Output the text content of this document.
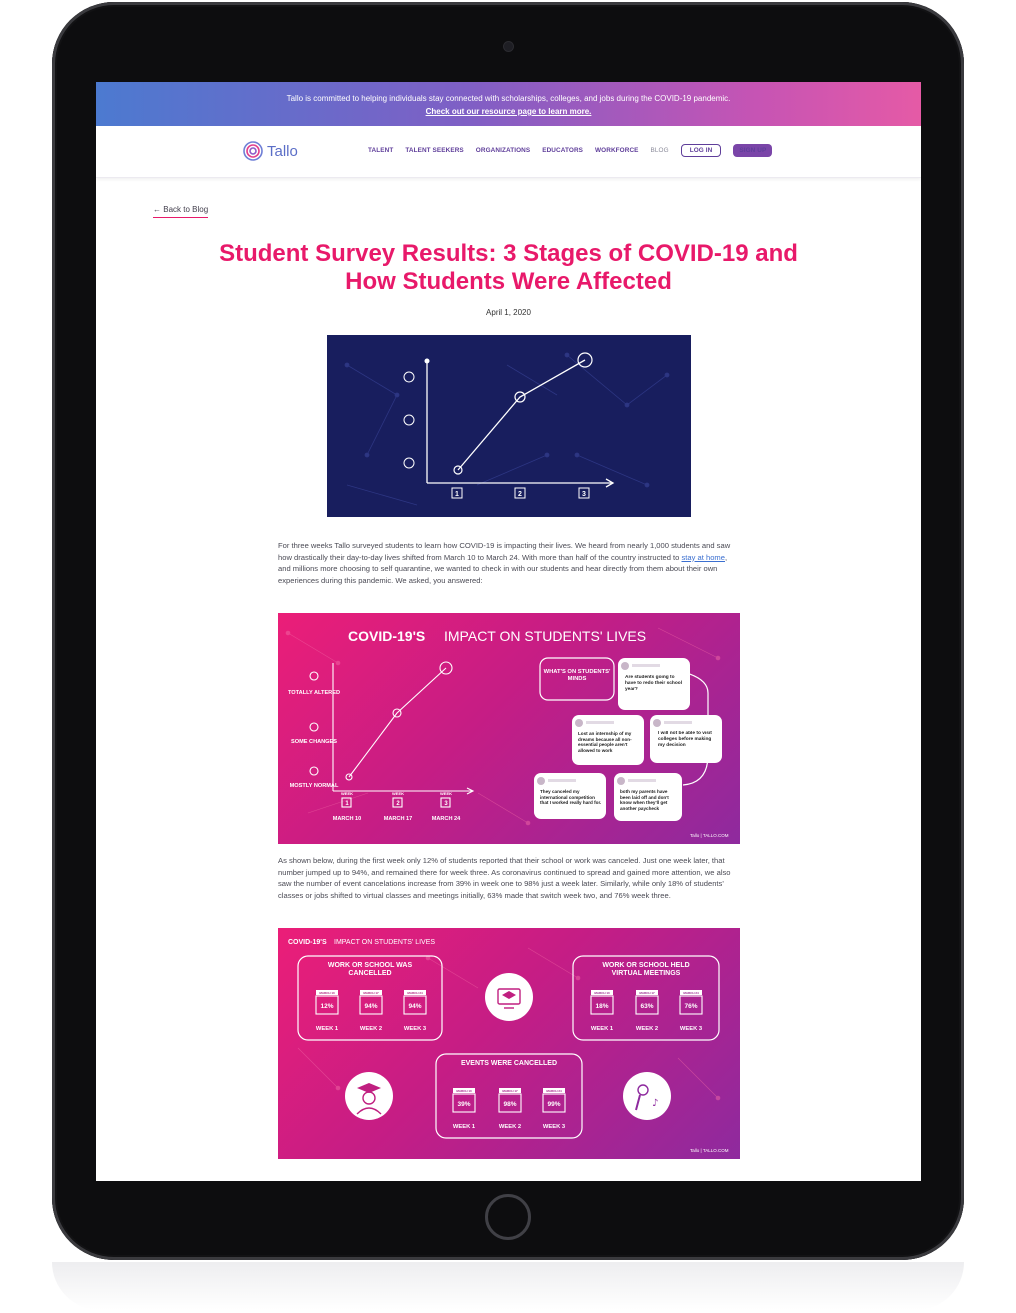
Tallo is committed to helping individuals stay connected with scholarships, colleges, and jobs during the COVID-19 pandemic.
Check out our resource page to learn more.
Tallo	TALENT TALENT SEEKERS ORGANIZATIONS EDUCATORS WORKFORCE BLOG	LOG IN	SIGN UP
← Back to Blog
Student Survey Results: 3 Stages of COVID-19 and How Students Were Affected
April 1, 2020
1	2	3

For three weeks Tallo surveyed students to learn how COVID-19 is impacting their lives. We heard from nearly 1,000 students and saw how drastically their day-to-day lives shifted from March 10 to March 24. With more than half of the country instructed to stay at home, and millions more choosing to self quarantine, we wanted to check in with our students and hear directly from them about their own experiences during this pandemic. We asked, you answered:

COVID-19'S IMPACT ON STUDENTS' LIVES
TOTALLY ALTERED
SOME CHANGES
MOSTLY NORMAL
WEEK	WEEK	WEEK
1	2	3
MARCH 10	MARCH 17	MARCH 24
WHAT'S ON STUDENTS' MINDS	Are students going to have to redo their school year?
Lost an internship of my dreams because all non-essential people aren't allowed to work
I will not be able to visit colleges before making my decision
They canceled my international competition that I worked really hard for.
both my parents have been laid off and don't know when they'll get another paycheck
Tallo | TALLO.COM

As shown below, during the first week only 12% of students reported that their school or work was canceled. Just one week later, that number jumped up to 94%, and remained there for week three. As coronavirus continued to spread and gained more attention, we also saw the number of event cancelations increase from 39% in week one to 98% just a week later. Similarly, while only 18% of students' classes or jobs shifted to virtual classes and meetings initially, 63% made that switch week two, and 76% week three.

COVID-19'S IMPACT ON STUDENTS' LIVES
WORK OR SCHOOL WAS CANCELLED
MARCH 10	MARCH 17	MARCH 24
12%	94%	94%
WEEK 1	WEEK 2	WEEK 3
WORK OR SCHOOL HELD VIRTUAL MEETINGS
MARCH 10	MARCH 17	MARCH 24
18%	63%	76%
WEEK 1	WEEK 2	WEEK 3
EVENTS WERE CANCELLED
MARCH 10	MARCH 17	MARCH 24
39%	98%	99%
WEEK 1	WEEK 2	WEEK 3
♪
Tallo | TALLO.COM
